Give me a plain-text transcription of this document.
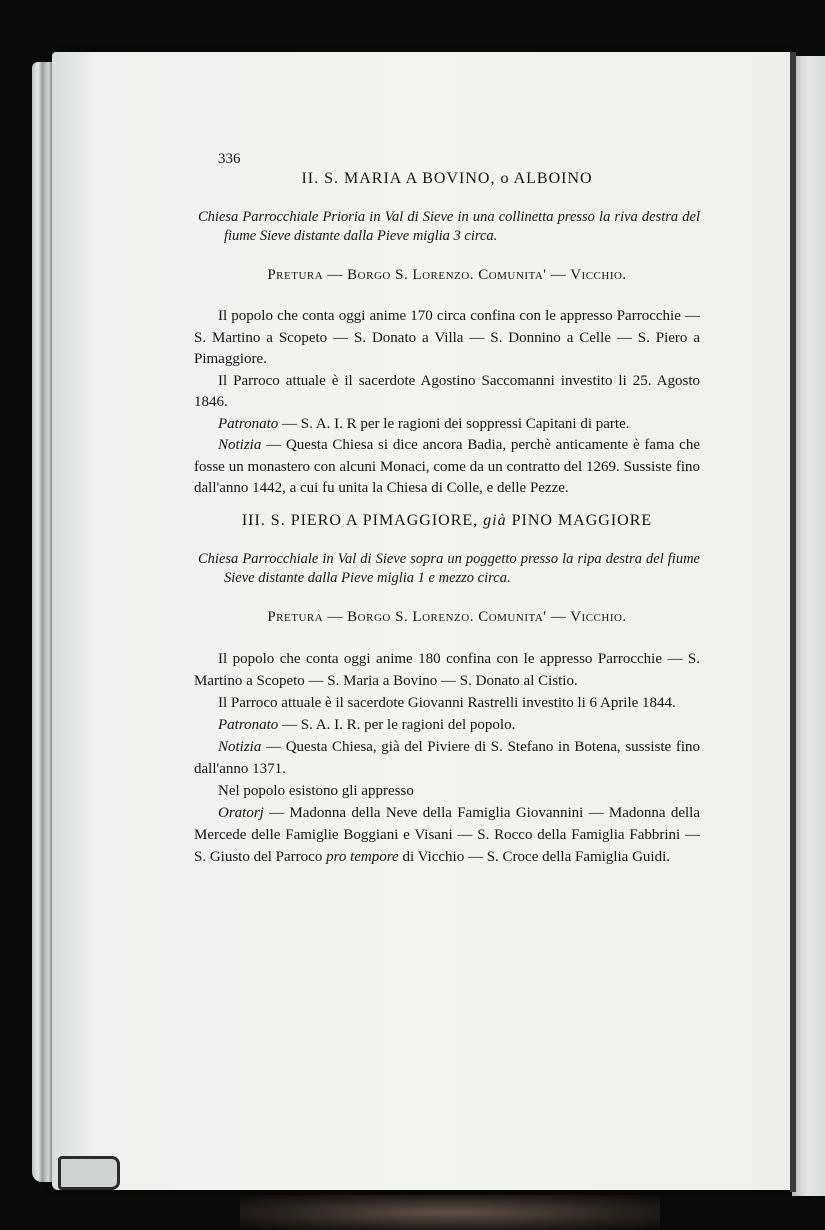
336
II. S. MARIA A BOVINO, o ALBOINO

Chiesa Parrocchiale Prioria in Val di Sieve in una collinetta presso la riva destra del fiume Sieve distante dalla Pieve miglia 3 circa.

Pretura — Borgo S. Lorenzo. Comunita' — Vicchio.

Il popolo che conta oggi anime 170 circa confina con le appresso Parrocchie — S. Martino a Scopeto — S. Donato a Villa — S. Donnino a Celle — S. Piero a Pimaggiore.

Il Parroco attuale è il sacerdote Agostino Saccomanni investito li 25. Agosto 1846.

Patronato — S. A. I. R per le ragioni dei soppressi Capitani di parte.

Notizia — Questa Chiesa si dice ancora Badia, perchè anticamente è fama che fosse un monastero con alcuni Monaci, come da un contratto del 1269. Sussiste fino dall'anno 1442, a cui fu unita la Chiesa di Colle, e delle Pezze.

III. S. PIERO A PIMAGGIORE, già PINO MAGGIORE

Chiesa Parrocchiale in Val di Sieve sopra un poggetto presso la ripa destra del fiume Sieve distante dalla Pieve miglia 1 e mezzo circa.

Pretura — Borgo S. Lorenzo. Comunita' — Vicchio.

Il popolo che conta oggi anime 180 confina con le appresso Parrocchie — S. Martino a Scopeto — S. Maria a Bovino — S. Donato al Cistio.

Il Parroco attuale è il sacerdote Giovanni Rastrelli investito li 6 Aprile 1844.

Patronato — S. A. I. R. per le ragioni del popolo.

Notizia — Questa Chiesa, già del Piviere di S. Stefano in Botena, sussiste fino dall'anno 1371.

Nel popolo esistono gli appresso

Oratorj — Madonna della Neve della Famiglia Giovannini — Madonna della Mercede delle Famiglie Boggiani e Visani — S. Rocco della Famiglia Fabbrini — S. Giusto del Parroco pro tempore di Vicchio — S. Croce della Famiglia Guidi.
